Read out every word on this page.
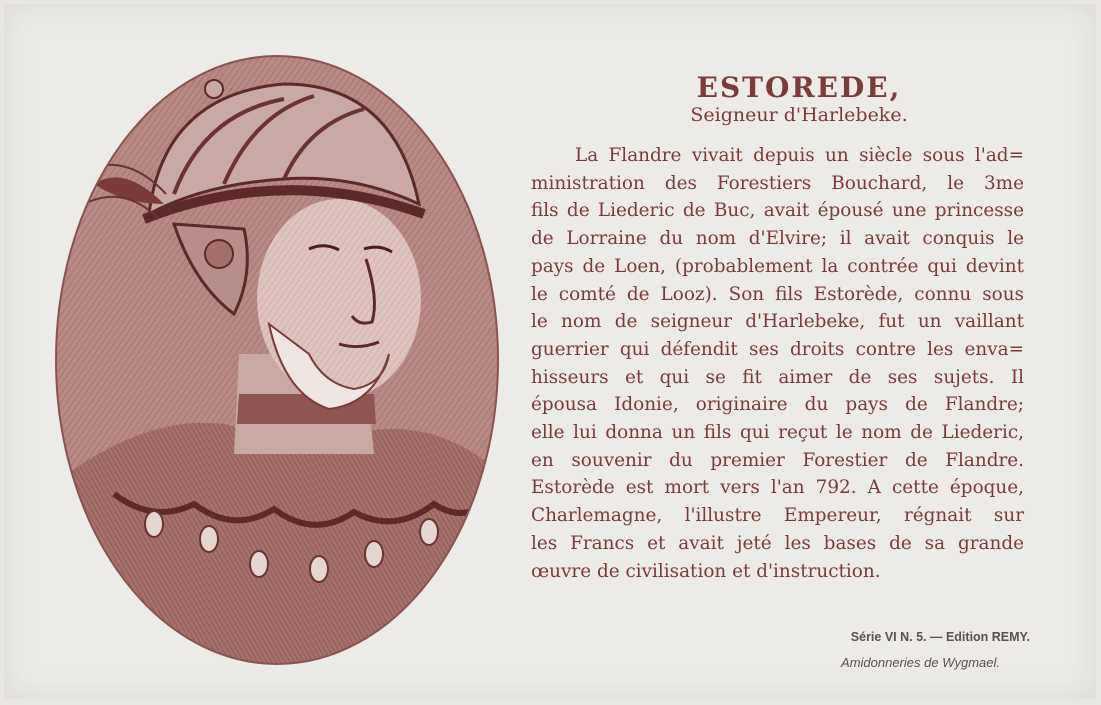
ESTOREDE,
Seigneur d'Harlebeke.
La Flandre vivait depuis un siècle sous l'ad=
ministration des Forestiers Bouchard, le 3me
fils de Liederic de Buc, avait épousé une princesse
de Lorraine du nom d'Elvire; il avait conquis le
pays de Loen, (probablement la contrée qui devint
le comté de Looz). Son fils Estorède, connu sous
le nom de seigneur d'Harlebeke, fut un vaillant
guerrier qui défendit ses droits contre les enva=
hisseurs et qui se fit aimer de ses sujets. Il
épousa Idonie, originaire du pays de Flandre;
elle lui donna un fils qui reçut le nom de Liederic,
en souvenir du premier Forestier de Flandre.
Estorède est mort vers l'an 792. A cette époque,
Charlemagne, l'illustre Empereur, régnait sur
les Francs et avait jeté les bases de sa grande
œuvre de civilisation et d'instruction.
Série VI N. 5. — Edition REMY.
Amidonneries de Wygmael.
